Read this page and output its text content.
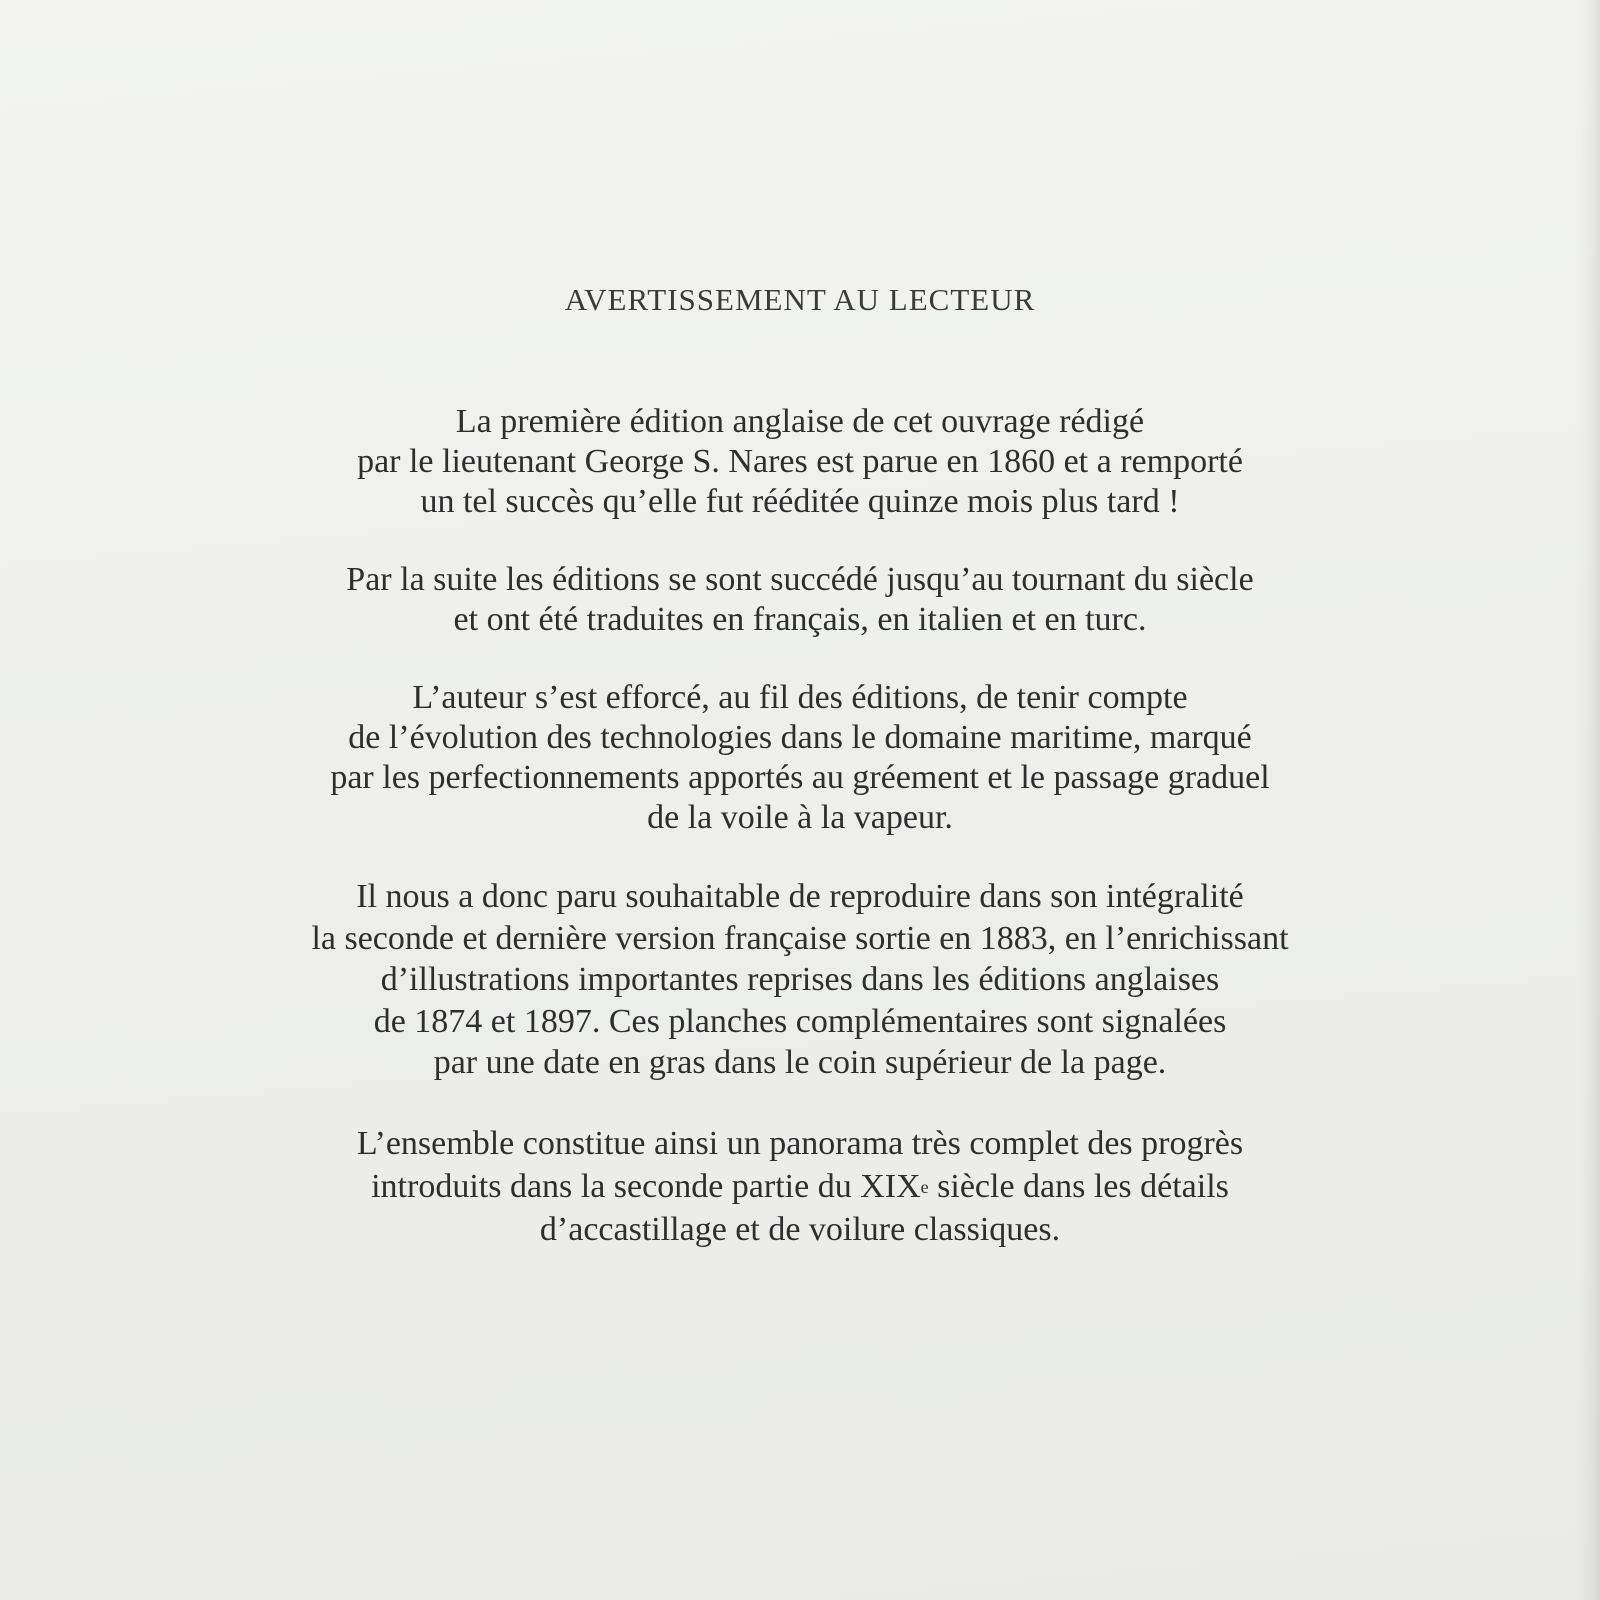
AVERTISSEMENT AU LECTEUR

La première édition anglaise de cet ouvrage rédigé
par le lieutenant George S. Nares est parue en 1860 et a remporté
un tel succès qu’elle fut rééditée quinze mois plus tard !

Par la suite les éditions se sont succédé jusqu’au tournant du siècle
et ont été traduites en français, en italien et en turc.

L’auteur s’est efforcé, au fil des éditions, de tenir compte
de l’évolution des technologies dans le domaine maritime, marqué
par les perfectionnements apportés au gréement et le passage graduel
de la voile à la vapeur.

Il nous a donc paru souhaitable de reproduire dans son intégralité
la seconde et dernière version française sortie en 1883, en l’enrichissant
d’illustrations importantes reprises dans les éditions anglaises
de 1874 et 1897. Ces planches complémentaires sont signalées
par une date en gras dans le coin supérieur de la page.

L’ensemble constitue ainsi un panorama très complet des progrès
introduits dans la seconde partie du XIXe siècle dans les détails
d’accastillage et de voilure classiques.
